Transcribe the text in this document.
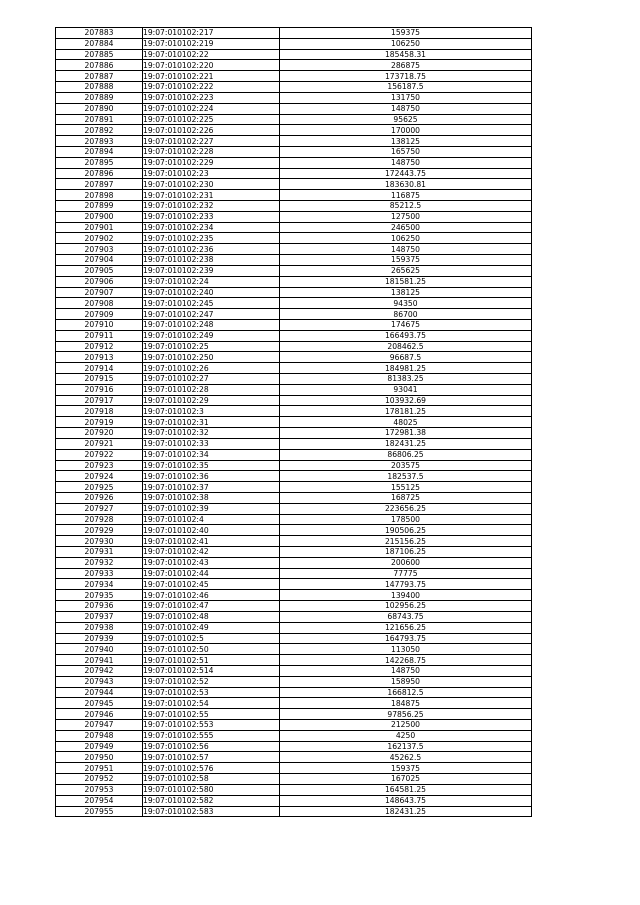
207883	19:07:010102:217	159375
207884	19:07:010102:219	106250
207885	19:07:010102:22	185458.31
207886	19:07:010102:220	286875
207887	19:07:010102:221	173718.75
207888	19:07:010102:222	156187.5
207889	19:07:010102:223	131750
207890	19:07:010102:224	148750
207891	19:07:010102:225	95625
207892	19:07:010102:226	170000
207893	19:07:010102:227	138125
207894	19:07:010102:228	165750
207895	19:07:010102:229	148750
207896	19:07:010102:23	172443.75
207897	19:07:010102:230	183630.81
207898	19:07:010102:231	116875
207899	19:07:010102:232	85212.5
207900	19:07:010102:233	127500
207901	19:07:010102:234	246500
207902	19:07:010102:235	106250
207903	19:07:010102:236	148750
207904	19:07:010102:238	159375
207905	19:07:010102:239	265625
207906	19:07:010102:24	181581.25
207907	19:07:010102:240	138125
207908	19:07:010102:245	94350
207909	19:07:010102:247	86700
207910	19:07:010102:248	174675
207911	19:07:010102:249	166493.75
207912	19:07:010102:25	208462.5
207913	19:07:010102:250	96687.5
207914	19:07:010102:26	184981.25
207915	19:07:010102:27	81383.25
207916	19:07:010102:28	93041
207917	19:07:010102:29	103932.69
207918	19:07:010102:3	178181.25
207919	19:07:010102:31	48025
207920	19:07:010102:32	172981.38
207921	19:07:010102:33	182431.25
207922	19:07:010102:34	86806.25
207923	19:07:010102:35	203575
207924	19:07:010102:36	182537.5
207925	19:07:010102:37	155125
207926	19:07:010102:38	168725
207927	19:07:010102:39	223656.25
207928	19:07:010102:4	178500
207929	19:07:010102:40	190506.25
207930	19:07:010102:41	215156.25
207931	19:07:010102:42	187106.25
207932	19:07:010102:43	200600
207933	19:07:010102:44	77775
207934	19:07:010102:45	147793.75
207935	19:07:010102:46	139400
207936	19:07:010102:47	102956.25
207937	19:07:010102:48	68743.75
207938	19:07:010102:49	121656.25
207939	19:07:010102:5	164793.75
207940	19:07:010102:50	113050
207941	19:07:010102:51	142268.75
207942	19:07:010102:514	148750
207943	19:07:010102:52	158950
207944	19:07:010102:53	166812.5
207945	19:07:010102:54	184875
207946	19:07:010102:55	97856.25
207947	19:07:010102:553	212500
207948	19:07:010102:555	4250
207949	19:07:010102:56	162137.5
207950	19:07:010102:57	45262.5
207951	19:07:010102:576	159375
207952	19:07:010102:58	167025
207953	19:07:010102:580	164581.25
207954	19:07:010102:582	148643.75
207955	19:07:010102:583	182431.25
